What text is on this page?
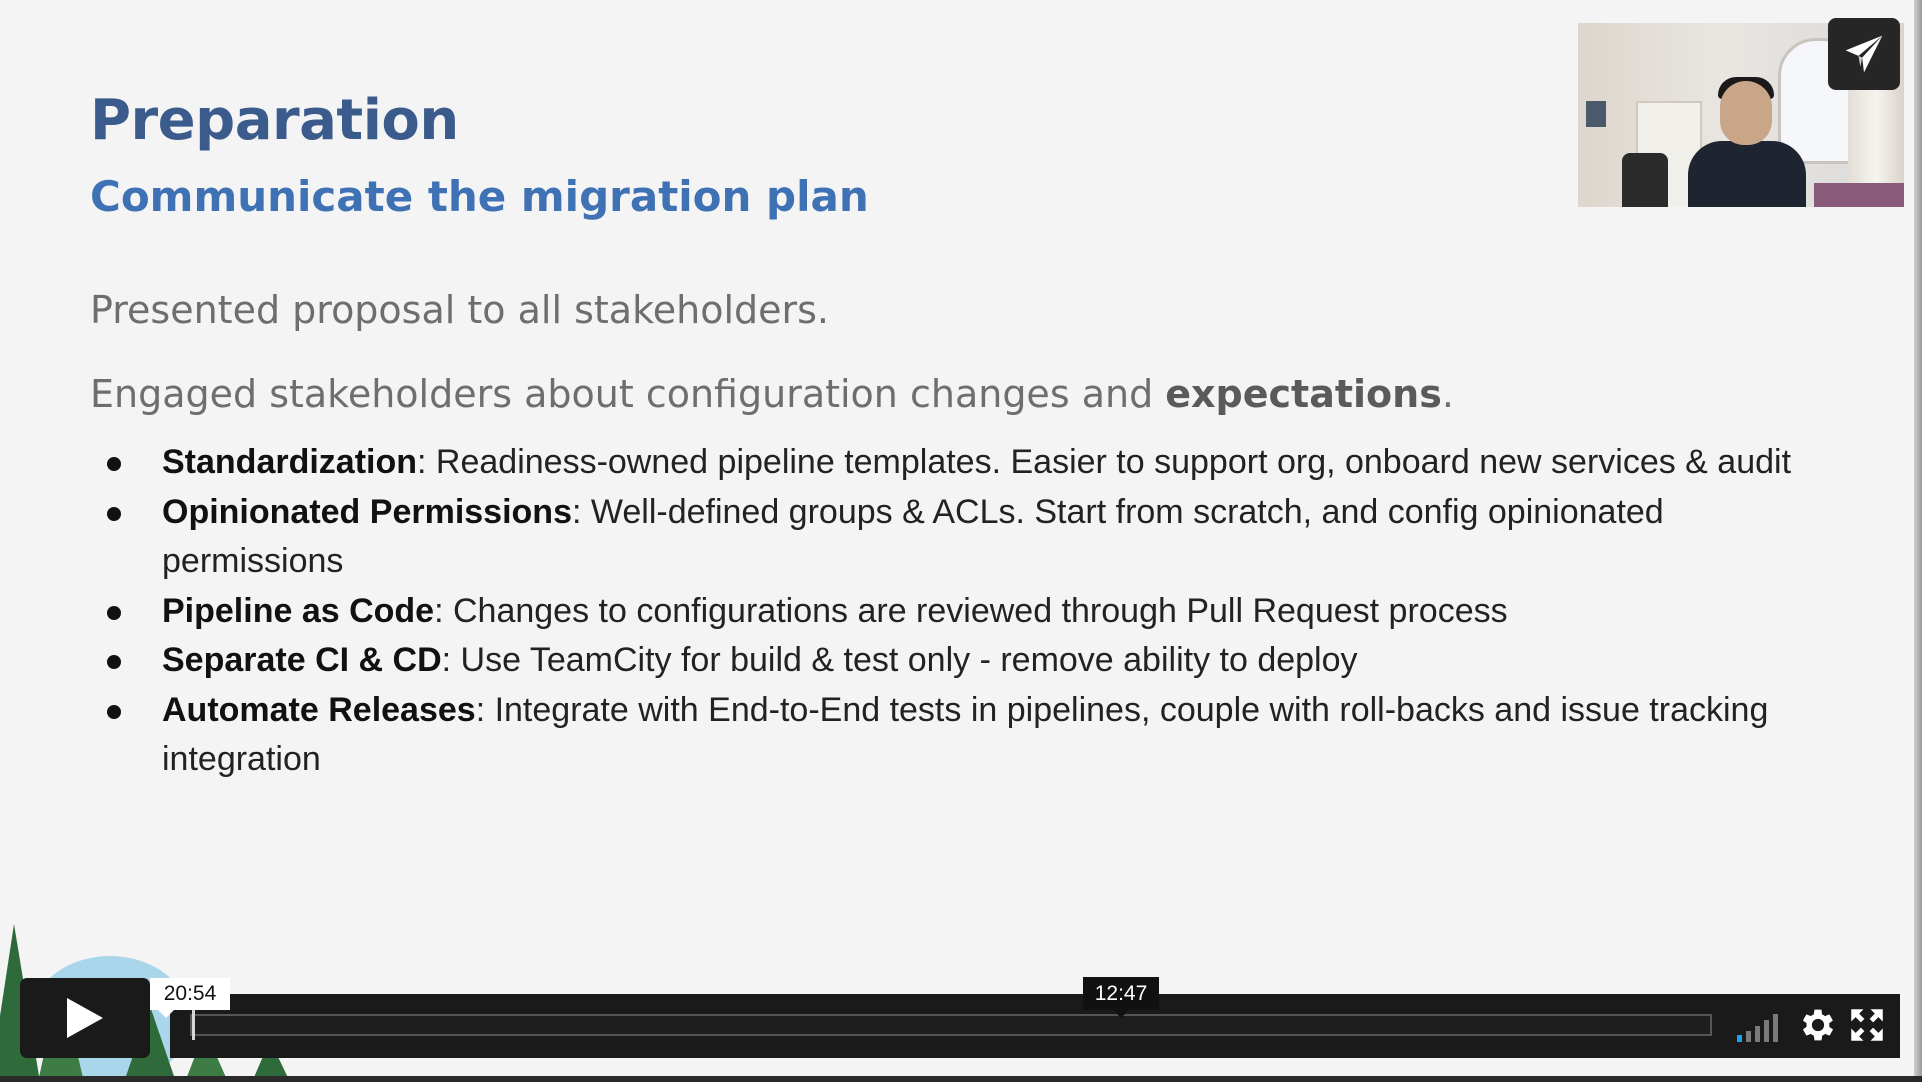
Preparation
Communicate the migration plan

Presented proposal to all stakeholders.

Engaged stakeholders about configuration changes and expectations.

Standardization: Readiness-owned pipeline templates. Easier to support org, onboard new services & audit
Opinionated Permissions: Well-defined groups & ACLs. Start from scratch, and config opinionated permissions
Pipeline as Code: Changes to configurations are reviewed through Pull Request process
Separate CI & CD: Use TeamCity for build & test only - remove ability to deploy
Automate Releases: Integrate with End-to-End tests in pipelines, couple with roll-backs and issue tracking integration
20:54	12:47
